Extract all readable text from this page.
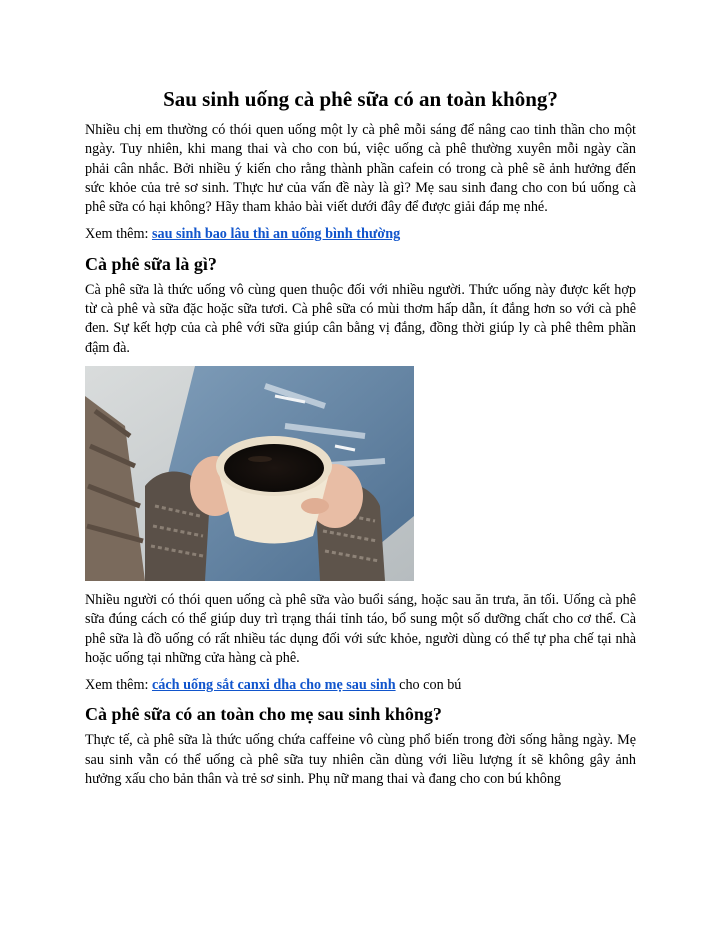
Sau sinh uống cà phê sữa có an toàn không?

Nhiều chị em thường có thói quen uống một ly cà phê mỗi sáng để nâng cao tinh thần cho một ngày. Tuy nhiên, khi mang thai và cho con bú, việc uống cà phê thường xuyên mỗi ngày cần phải cân nhắc. Bởi nhiều ý kiến cho rằng thành phần cafein có trong cà phê sẽ ảnh hưởng đến sức khỏe của trẻ sơ sinh. Thực hư của vấn đề này là gì? Mẹ sau sinh đang cho con bú uống cà phê sữa có hại không? Hãy tham khảo bài viết dưới đây để được giải đáp mẹ nhé.

Xem thêm: sau sinh bao lâu thì an uống bình thường

Cà phê sữa là gì?

Cà phê sữa là thức uống vô cùng quen thuộc đối với nhiều người. Thức uống này được kết hợp từ cà phê và sữa đặc hoặc sữa tươi. Cà phê sữa có mùi thơm hấp dẫn, ít đắng hơn so với cà phê đen. Sự kết hợp của cà phê với sữa giúp cân bằng vị đắng, đồng thời giúp ly cà phê thêm phần đậm đà.

Nhiều người có thói quen uống cà phê sữa vào buổi sáng, hoặc sau ăn trưa, ăn tối. Uống cà phê sữa đúng cách có thể giúp duy trì trạng thái tỉnh táo, bổ sung một số dưỡng chất cho cơ thể. Cà phê sữa là đồ uống có rất nhiều tác dụng đối với sức khỏe, người dùng có thể tự pha chế tại nhà hoặc uống tại những cửa hàng cà phê.

Xem thêm: cách uống sắt canxi dha cho mẹ sau sinh cho con bú

Cà phê sữa có an toàn cho mẹ sau sinh không?

Thực tế, cà phê sữa là thức uống chứa caffeine vô cùng phổ biến trong đời sống hằng ngày. Mẹ sau sinh vẫn có thể uống cà phê sữa tuy nhiên cần dùng với liều lượng ít sẽ không gây ảnh hưởng xấu cho bản thân và trẻ sơ sinh. Phụ nữ mang thai và đang cho con bú không
